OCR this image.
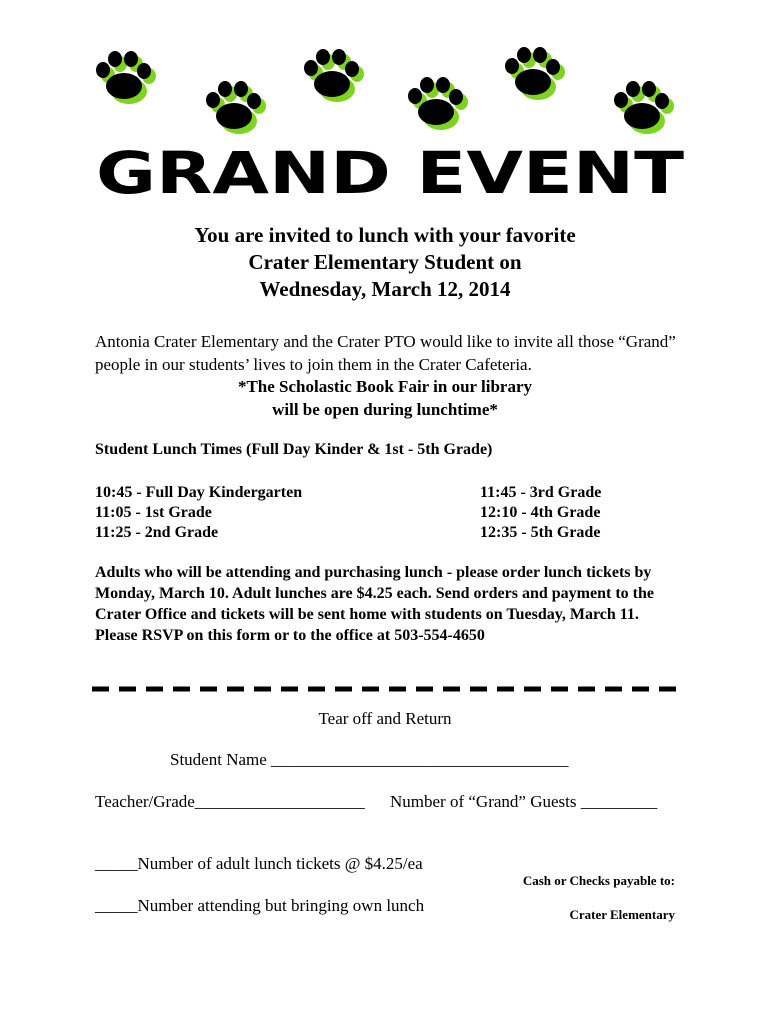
GRAND EVENT
You are invited to lunch with your favorite
Crater Elementary Student on
Wednesday, March 12, 2014
Antonia Crater Elementary and the Crater PTO would like to invite all those “Grand” people in our students’ lives to join them in the Crater Cafeteria.
*The Scholastic Book Fair in our library
will be open during lunchtime*
Student Lunch Times (Full Day Kinder & 1st - 5th Grade)
10:45 - Full Day Kindergarten
11:05 - 1st Grade
11:25 - 2nd Grade
11:45 - 3rd Grade
12:10 - 4th Grade
12:35 - 5th Grade
Adults who will be attending and purchasing lunch - please order lunch tickets by Monday, March 10. Adult lunches are $4.25 each. Send orders and payment to the Crater Office and tickets will be sent home with students on Tuesday, March 11. Please RSVP on this form or to the office at 503-554-4650
Tear off and Return
Student Name ___________________________________
Teacher/Grade____________________ Number of “Grand” Guests _________
_____Number of adult lunch tickets @ $4.25/ea
_____Number attending but bringing own lunch
Cash or Checks payable to:
Crater Elementary
